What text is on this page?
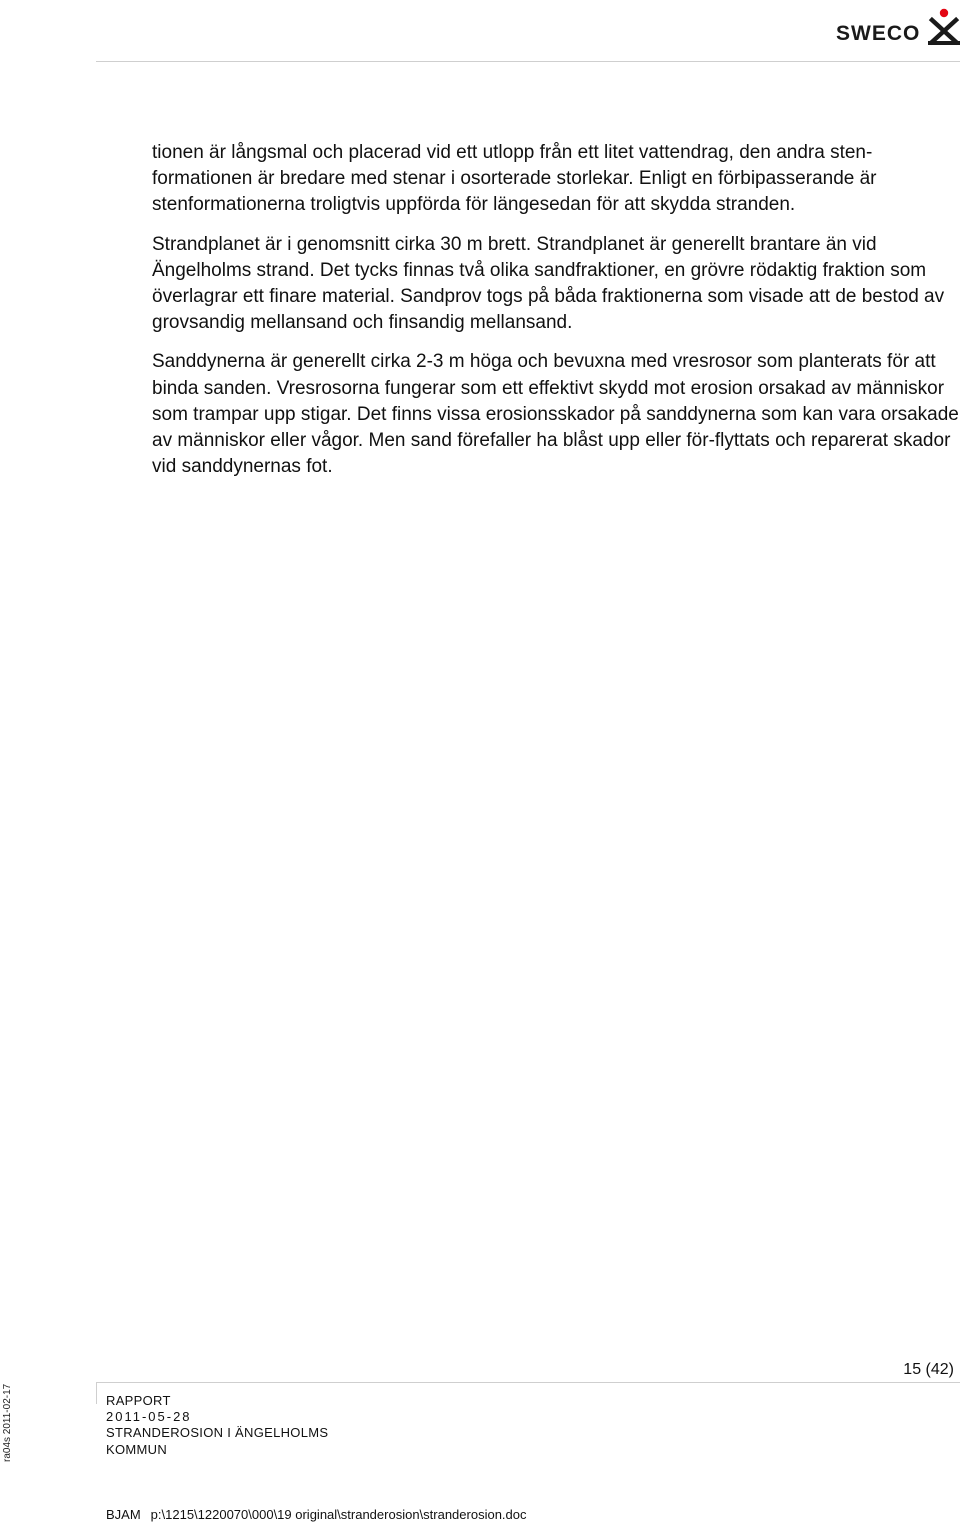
SWECO

tionen är långsmal och placerad vid ett utlopp från ett litet vattendrag, den andra sten-formationen är bredare med stenar i osorterade storlekar. Enligt en förbipasserande är stenformationerna troligtvis uppförda för längesedan för att skydda stranden.

Strandplanet är i genomsnitt cirka 30 m brett. Strandplanet är generellt brantare än vid Ängelholms strand. Det tycks finnas två olika sandfraktioner, en grövre rödaktig fraktion som överlagrar ett finare material. Sandprov togs på båda fraktionerna som visade att de bestod av grovsandig mellansand och finsandig mellansand.

Sanddynerna är generellt cirka 2-3 m höga och bevuxna med vresrosor som planterats för att binda sanden. Vresrosorna fungerar som ett effektivt skydd mot erosion orsakad av människor som trampar upp stigar. Det finns vissa erosionsskador på sanddynerna som kan vara orsakade av människor eller vågor. Men sand förefaller ha blåst upp eller för-flyttats och reparerat skador vid sanddynernas fot.

ra04s 2011-02-17
15 (42)
RAPPORT
2011-05-28
STRANDEROSION I ÄNGELHOLMS
KOMMUN
BJAM p:\1215\1220070\000\19 original\stranderosion\stranderosion.doc
